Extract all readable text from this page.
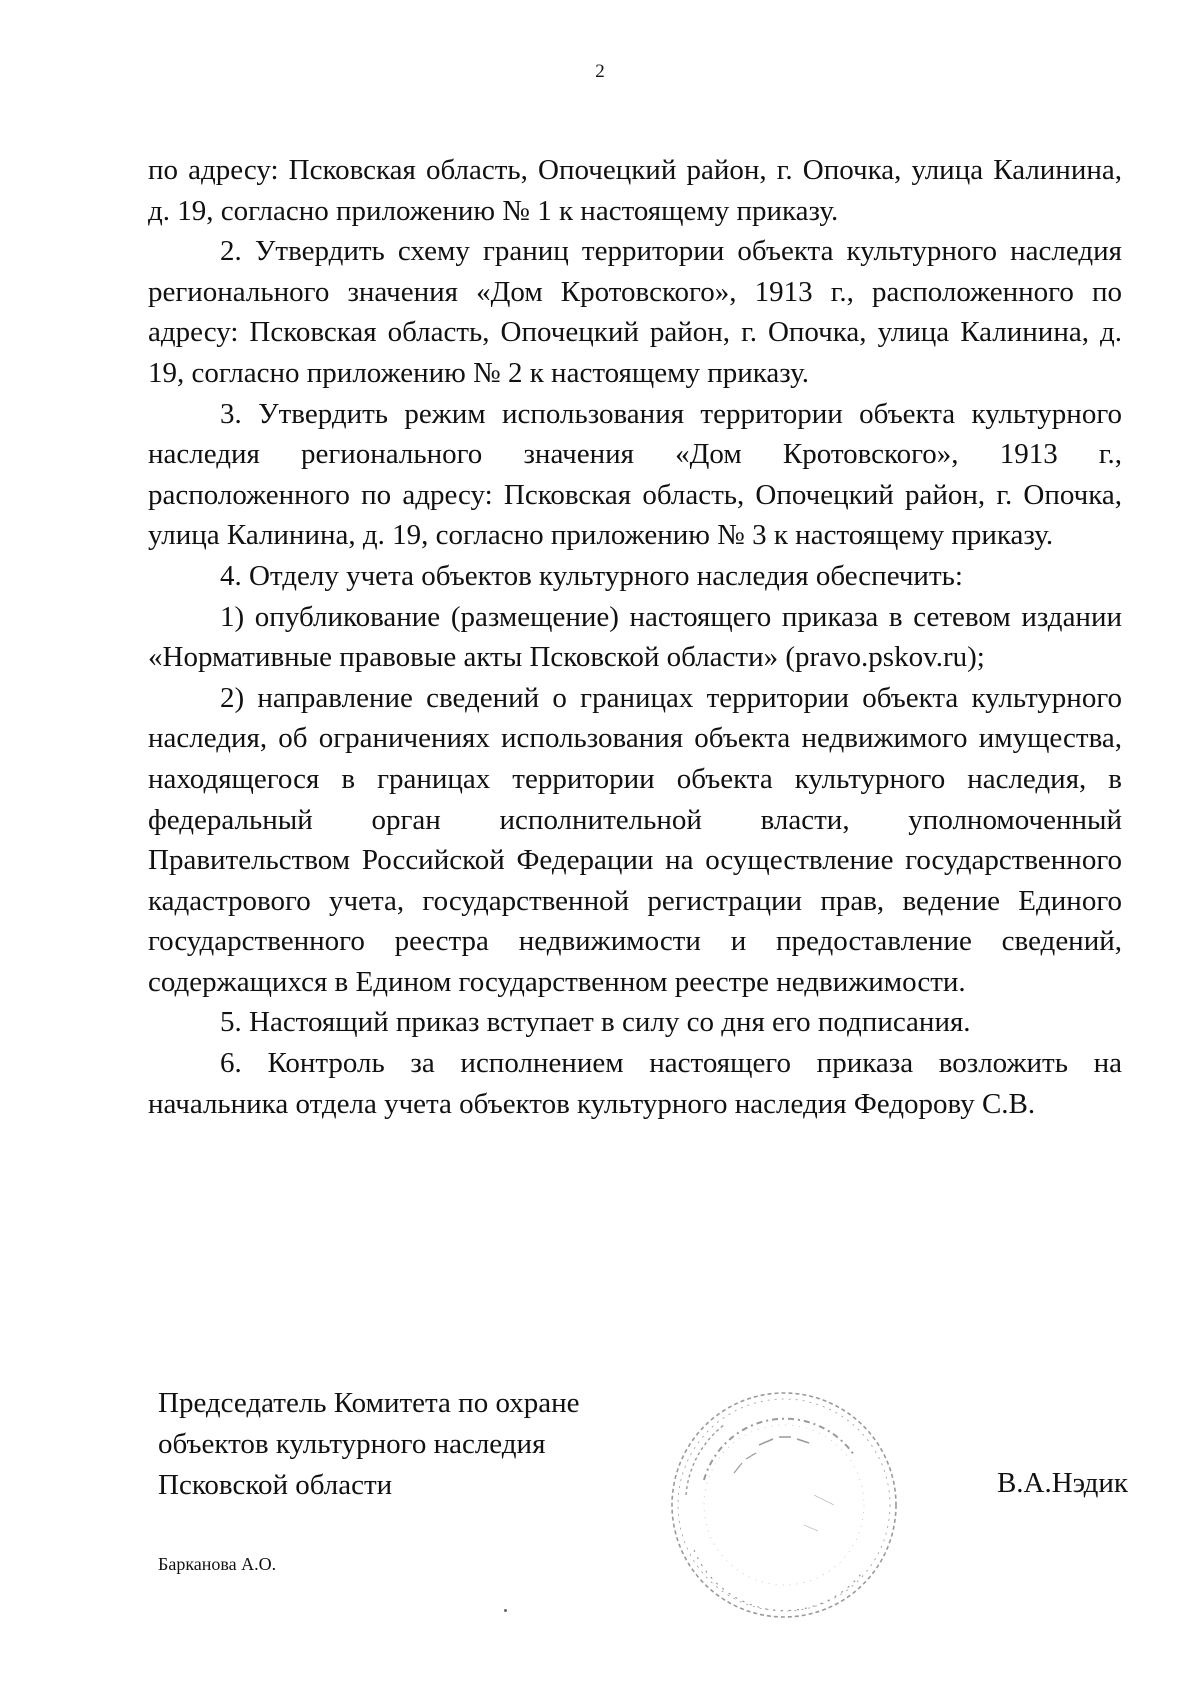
2

по адресу: Псковская область, Опочецкий район, г. Опочка, улица Калинина, д. 19, согласно приложению № 1 к настоящему приказу.

2. Утвердить схему границ территории объекта культурного наследия регионального значения «Дом Кротовского», 1913 г., расположенного по адресу: Псковская область, Опочецкий район, г. Опочка, улица Калинина, д. 19, согласно приложению № 2 к настоящему приказу.

3. Утвердить режим использования территории объекта культурного наследия регионального значения «Дом Кротовского», 1913 г., расположенного по адресу: Псковская область, Опочецкий район, г. Опочка, улица Калинина, д. 19, согласно приложению № 3 к настоящему приказу.

4. Отделу учета объектов культурного наследия обеспечить:

1) опубликование (размещение) настоящего приказа в сетевом издании «Нормативные правовые акты Псковской области» (pravo.pskov.ru);

2) направление сведений о границах территории объекта культурного наследия, об ограничениях использования объекта недвижимого имущества, находящегося в границах территории объекта культурного наследия, в федеральный орган исполнительной власти, уполномоченный Правительством Российской Федерации на осуществление государственного кадастрового учета, государственной регистрации прав, ведение Единого государственного реестра недвижимости и предоставление сведений, содержащихся в Едином государственном реестре недвижимости.

5. Настоящий приказ вступает в силу со дня его подписания.

6. Контроль за исполнением настоящего приказа возложить на начальника отдела учета объектов культурного наследия Федорову С.В.

Председатель Комитета по охране
объектов культурного наследия
Псковской области	В.А.Нэдик
Барканова А.О.
